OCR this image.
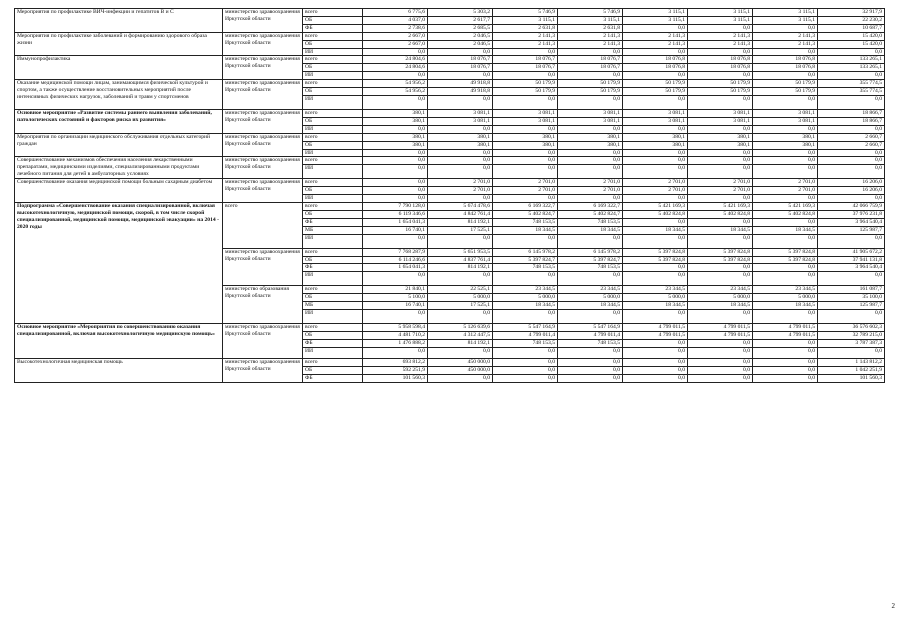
Мероприятия по профилактике ВИЧ-инфекции и гепатитов В и С	министерство здравоохранения Иркутской области	всего	6 775,6	5 303,2	5 746,9	5 746,9	3 115,1	3 115,1	3 115,1	32 917,9
		ОБ	4 037,0	2 617,7	3 115,1	3 115,1	3 115,1	3 115,1	3 115,1	22 230,2
		ФБ	2 738,6	2 685,5	2 631,8	2 631,8	0,0	0,0	0,0	10 687,7
Мероприятия по профилактике заболеваний и формированию здорового образа жизни	министерство здравоохранения Иркутской области	всего	2 667,0	2 046,5	2 141,3	2 141,3	2 141,3	2 141,3	2 141,3	15 420,0
		ОБ	2 667,0	2 046,5	2 141,3	2 141,3	2 141,3	2 141,3	2 141,3	15 420,0
		ИИ	0,0	0,0	0,0	0,0	0,0	0,0	0,0	0,0
Иммунопрофилактика	министерство здравоохранения Иркутской области	всего	24 804,6	18 076,7	18 076,7	18 076,7	18 076,8	18 076,8	18 076,8	133 265,1
		ОБ	24 804,6	18 076,7	18 076,7	18 076,7	18 076,8	18 076,8	18 076,8	133 265,1
		ИИ	0,0	0,0	0,0	0,0	0,0	0,0	0,0	0,0
Оказание медицинской помощи лицам, занимающимся физической культурой и спортом, а также осуществление восстановительных мероприятий после интенсивных физических нагрузок, заболеваний и травм у спортсменов	министерство здравоохранения Иркутской области	всего	54 956,2	49 918,8	50 179,9	50 179,9	50 179,9	50 179,9	50 179,9	355 774,5
		ОБ	54 956,2	49 918,8	50 179,9	50 179,9	50 179,9	50 179,9	50 179,9	355 774,5
		ИИ	0,0	0,0	0,0	0,0	0,0	0,0	0,0	0,0
Основное мероприятие «Развитие системы раннего выявления заболеваний, патологических состояний и факторов риска их развития»	министерство здравоохранения Иркутской области	всего	380,1	3 081,1	3 081,1	3 081,1	3 081,1	3 081,1	3 081,1	18 866,7
		ОБ	380,1	3 081,1	3 081,1	3 081,1	3 081,1	3 081,1	3 081,1	18 866,7
		ИИ	0,0	0,0	0,0	0,0	0,0	0,0	0,0	0,0
Мероприятия по организации медицинского обслуживания отдельных категорий граждан	министерство здравоохранения Иркутской области	всего	380,1	380,1	380,1	380,1	380,1	380,1	380,1	2 660,7
		ОБ	380,1	380,1	380,1	380,1	380,1	380,1	380,1	2 660,7
		ИИ	0,0	0,0	0,0	0,0	0,0	0,0	0,0	0,0
Совершенствование механизмов обеспечения населения лекарственными препаратами, медицинскими изделиями, специализированными продуктами лечебного питания для детей в амбулаторных условиях	министерство здравоохранения Иркутской области	всего	0,0	0,0	0,0	0,0	0,0	0,0	0,0	0,0
		ИИ	0,0	0,0	0,0	0,0	0,0	0,0	0,0	0,0
Совершенствование оказания медицинской помощи больным сахарным диабетом	министерство здравоохранения Иркутской области	всего	0,0	2 701,0	2 701,0	2 701,0	2 701,0	2 701,0	2 701,0	16 206,0
		ОБ	0,0	2 701,0	2 701,0	2 701,0	2 701,0	2 701,0	2 701,0	16 206,0
		ИИ	0,0	0,0	0,0	0,0	0,0	0,0	0,0	0,0
Подпрограмма «Совершенствование оказания специализированной, включая высокотехнологичную, медицинской помощи, скорой, в том числе скорой специализированной, медицинской помощи, медицинской эвакуации» на 2014 - 2020 годы	всего	всего	7 790 128,0	5 674 478,6	6 169 322,7	6 169 322,7	5 421 169,3	5 421 169,3	5 421 169,3	42 066 759,9
		ОБ	6 119 346,6	4 842 761,4	5 402 824,7	5 402 824,7	5 402 824,8	5 402 824,8	5 402 824,8	37 976 231,8
		ФБ	1 654 041,3	814 192,1	748 153,5	748 153,5	0,0	0,0	0,0	3 964 540,4
		МБ	16 740,1	17 525,1	18 344,5	18 344,5	18 344,5	18 344,5	18 344,5	125 987,7
		ИИ	0,0	0,0	0,0	0,0	0,0	0,0	0,0	0,0
	министерство здравоохранения Иркутской области	всего	7 768 287,9	5 651 953,5	6 145 978,2	6 145 978,2	5 397 824,8	5 397 824,8	5 397 824,8	41 905 672,2
		ОБ	6 114 246,6	4 837 761,4	5 397 824,7	5 397 824,7	5 397 824,8	5 397 824,8	5 397 824,8	37 941 131,8
		ФБ	1 654 041,3	814 192,1	748 153,5	748 153,5	0,0	0,0	0,0	3 964 540,4
		ИИ	0,0	0,0	0,0	0,0	0,0	0,0	0,0	0,0
	министерство образования Иркутской области	всего	21 840,1	22 525,1	23 344,5	23 344,5	23 344,5	23 344,5	23 344,5	161 087,7
		ОБ	5 100,0	5 000,0	5 000,0	5 000,0	5 000,0	5 000,0	5 000,0	35 100,0
		МБ	16 740,1	17 525,1	18 344,5	18 344,5	18 344,5	18 344,5	18 344,5	125 987,7
		ИИ	0,0	0,0	0,0	0,0	0,0	0,0	0,0	0,0
Основное мероприятие «Мероприятия по совершенствованию оказания специализированной, включая высокотехнологичную медицинскую помощь»	министерство здравоохранения Иркутской области	всего	5 958 598,4	5 126 639,6	5 547 164,9	5 547 164,9	4 799 011,5	4 799 011,5	4 799 011,5	36 576 602,3
		ОБ	4 481 710,2	4 312 447,5	4 799 011,4	4 799 011,4	4 799 011,5	4 799 011,5	4 799 011,5	32 789 215,0
		ФБ	1 476 888,2	814 192,1	748 153,5	748 153,5	0,0	0,0	0,0	3 787 387,3
		ИИ	0,0	0,0	0,0	0,0	0,0	0,0	0,0	0,0
Высокотехнологичная медицинская помощь	министерство здравоохранения Иркутской области	всего	693 812,2	450 000,0	0,0	0,0	0,0	0,0	0,0	1 143 812,2
		ОБ	592 251,9	450 000,0	0,0	0,0	0,0	0,0	0,0	1 042 251,9
		ФБ	101 560,3	0,0	0,0	0,0	0,0	0,0	0,0	101 560,3
2
